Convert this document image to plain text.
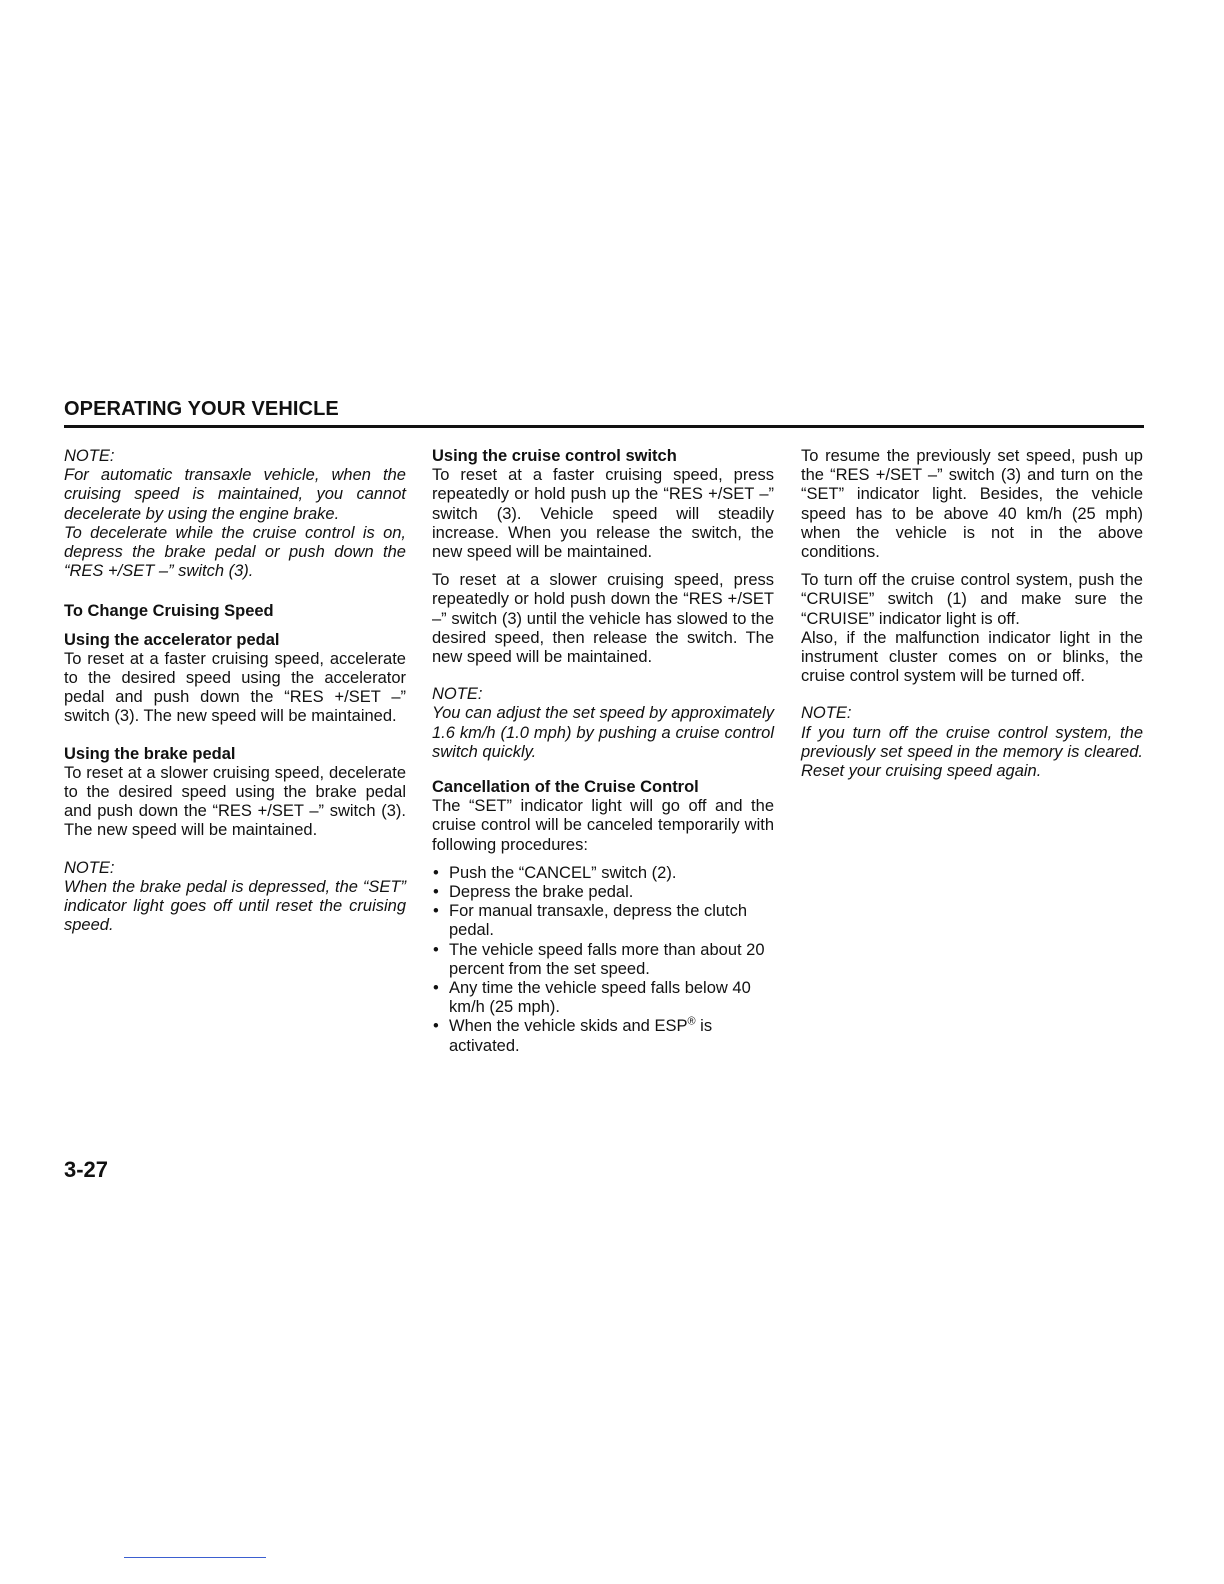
OPERATING YOUR VEHICLE

NOTE:

For automatic transaxle vehicle, when the cruising speed is maintained, you cannot decelerate by using the engine brake.

To decelerate while the cruise control is on, depress the brake pedal or push down the “RES +/SET –” switch (3).

To Change Cruising Speed

Using the accelerator pedal

To reset at a faster cruising speed, accelerate to the desired speed using the accelerator pedal and push down the “RES +/SET –” switch (3). The new speed will be maintained.

Using the brake pedal

To reset at a slower cruising speed, decelerate to the desired speed using the brake pedal and push down the “RES +/SET –” switch (3). The new speed will be maintained.

NOTE:

When the brake pedal is depressed, the “SET” indicator light goes off until reset the cruising speed.

Using the cruise control switch

To reset at a faster cruising speed, press repeatedly or hold push up the “RES +/SET –” switch (3). Vehicle speed will steadily increase. When you release the switch, the new speed will be maintained.

To reset at a slower cruising speed, press repeatedly or hold push down the “RES +/SET –” switch (3) until the vehicle has slowed to the desired speed, then release the switch. The new speed will be maintained.

NOTE:

You can adjust the set speed by approximately 1.6 km/h (1.0 mph) by pushing a cruise control switch quickly.

Cancellation of the Cruise Control

The “SET” indicator light will go off and the cruise control will be canceled temporarily with following procedures:

• Push the “CANCEL” switch (2).
• Depress the brake pedal.
• For manual transaxle, depress the clutch pedal.
• The vehicle speed falls more than about 20 percent from the set speed.
• Any time the vehicle speed falls below 40 km/h (25 mph).
• When the vehicle skids and ESP® is activated.

To resume the previously set speed, push up the “RES +/SET –” switch (3) and turn on the “SET” indicator light. Besides, the vehicle speed has to be above 40 km/h (25 mph) when the vehicle is not in the above conditions.

To turn off the cruise control system, push the “CRUISE” switch (1) and make sure the “CRUISE” indicator light is off.

Also, if the malfunction indicator light in the instrument cluster comes on or blinks, the cruise control system will be turned off.

NOTE:

If you turn off the cruise control system, the previously set speed in the memory is cleared. Reset your cruising speed again.

3-27
